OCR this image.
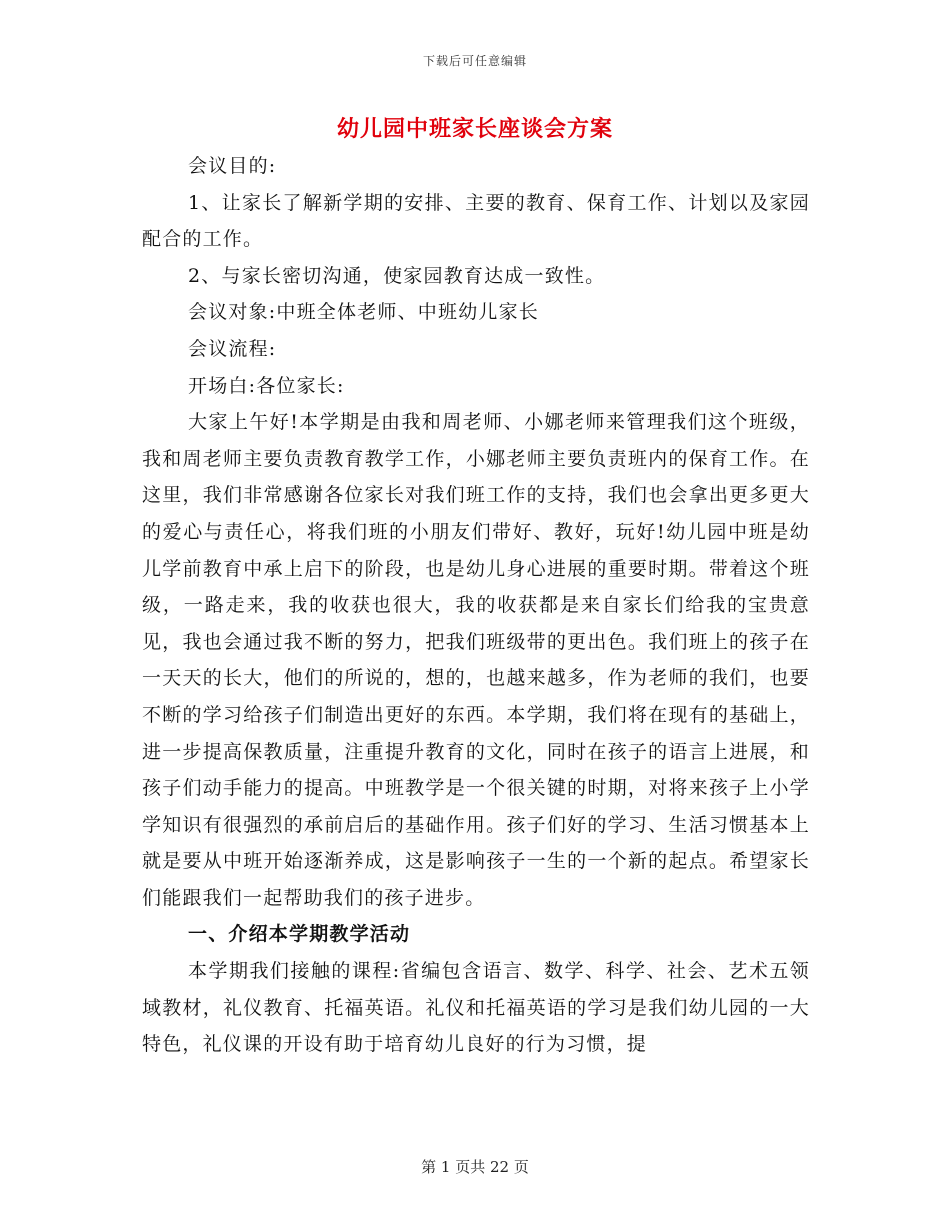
下载后可任意编辑
幼儿园中班家长座谈会方案

会议目的:

1、让家长了解新学期的安排、主要的教育、保育工作、计划以及家园配合的工作。

2、与家长密切沟通，使家园教育达成一致性。

会议对象:中班全体老师、中班幼儿家长

会议流程:

开场白:各位家长:

大家上午好!本学期是由我和周老师、小娜老师来管理我们这个班级，我和周老师主要负责教育教学工作，小娜老师主要负责班内的保育工作。在这里，我们非常感谢各位家长对我们班工作的支持，我们也会拿出更多更大的爱心与责任心，将我们班的小朋友们带好、教好，玩好!幼儿园中班是幼儿学前教育中承上启下的阶段，也是幼儿身心进展的重要时期。带着这个班级，一路走来，我的收获也很大，我的收获都是来自家长们给我的宝贵意见，我也会通过我不断的努力，把我们班级带的更出色。我们班上的孩子在一天天的长大，他们的所说的，想的，也越来越多，作为老师的我们，也要不断的学习给孩子们制造出更好的东西。本学期，我们将在现有的基础上，进一步提高保教质量，注重提升教育的文化，同时在孩子的语言上进展，和孩子们动手能力的提高。中班教学是一个很关键的时期，对将来孩子上小学学知识有很强烈的承前启后的基础作用。孩子们好的学习、生活习惯基本上就是要从中班开始逐渐养成，这是影响孩子一生的一个新的起点。希望家长们能跟我们一起帮助我们的孩子进步。

一、介绍本学期教学活动

本学期我们接触的课程:省编包含语言、数学、科学、社会、艺术五领域教材，礼仪教育、托福英语。礼仪和托福英语的学习是我们幼儿园的一大特色，礼仪课的开设有助于培育幼儿良好的行为习惯，提

第 1 页共 22 页
